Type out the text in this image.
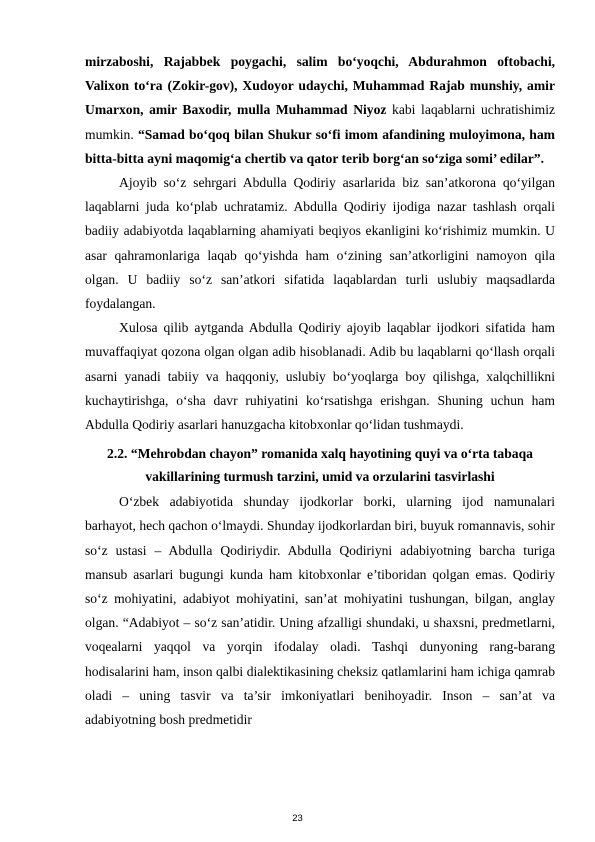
mirzaboshi, Rajabbek poygachi, salim bo‘yoqchi, Abdurahmon oftobachi, Valixon to‘ra (Zokir-gov), Xudoyor udaychi, Muhammad Rajab munshiy, amir Umarxon, amir Baxodir, mulla Muhammad Niyoz kabi laqablarni uchratishimiz mumkin. “Samad bo‘qoq bilan Shukur so‘fi imom afandining muloyimona, ham bitta-bitta ayni maqomig‘a chertib va qator terib borg‘an so‘ziga somi’ edilar”.

Ajoyib so‘z sehrgari Abdulla Qodiriy asarlarida biz san’atkorona qo‘yilgan laqablarni juda ko‘plab uchratamiz. Abdulla Qodiriy ijodiga nazar tashlash orqali badiiy adabiyotda laqablarning ahamiyati beqiyos ekanligini ko‘rishimiz mumkin. U asar qahramonlariga laqab qo‘yishda ham o‘zining san’atkorligini namoyon qila olgan. U badiiy so‘z san’atkori sifatida laqablardan turli uslubiy maqsadlarda foydalangan.

Xulosa qilib aytganda Abdulla Qodiriy ajoyib laqablar ijodkori sifatida ham muvaffaqiyat qozona olgan olgan adib hisoblanadi. Adib bu laqablarni qo‘llash orqali asarni yanadi tabiiy va haqqoniy, uslubiy bo‘yoqlarga boy qilishga, xalqchillikni kuchaytirishga, o‘sha davr ruhiyatini ko‘rsatishga erishgan. Shuning uchun ham Abdulla Qodiriy asarlari hanuzgacha kitobxonlar qo‘lidan tushmaydi.

2.2. “Mehrobdan chayon” romanida xalq hayotining quyi va o‘rta tabaqa
vakillarining turmush tarzini, umid va orzularini tasvirlashi

O‘zbek adabiyotida shunday ijodkorlar borki, ularning ijod namunalari barhayot, hech qachon o‘lmaydi. Shunday ijodkorlardan biri, buyuk romannavis, sohir so‘z ustasi – Abdulla Qodiriydir. Abdulla Qodiriyni adabiyotning barcha turiga mansub asarlari bugungi kunda ham kitobxonlar e’tiboridan qolgan emas. Qodiriy so‘z mohiyatini, adabiyot mohiyatini, san’at mohiyatini tushungan, bilgan, anglay olgan. “Adabiyot – so‘z san’atidir. Uning afzalligi shundaki, u shaxsni, predmetlarni, voqealarni yaqqol va yorqin ifodalay oladi. Tashqi dunyoning rang-barang hodisalarini ham, inson qalbi dialektikasining cheksiz qatlamlarini ham ichiga qamrab oladi – uning tasvir va ta’sir imkoniyatlari benihoyadir. Inson – san’at va adabiyotning bosh predmetidir

23
